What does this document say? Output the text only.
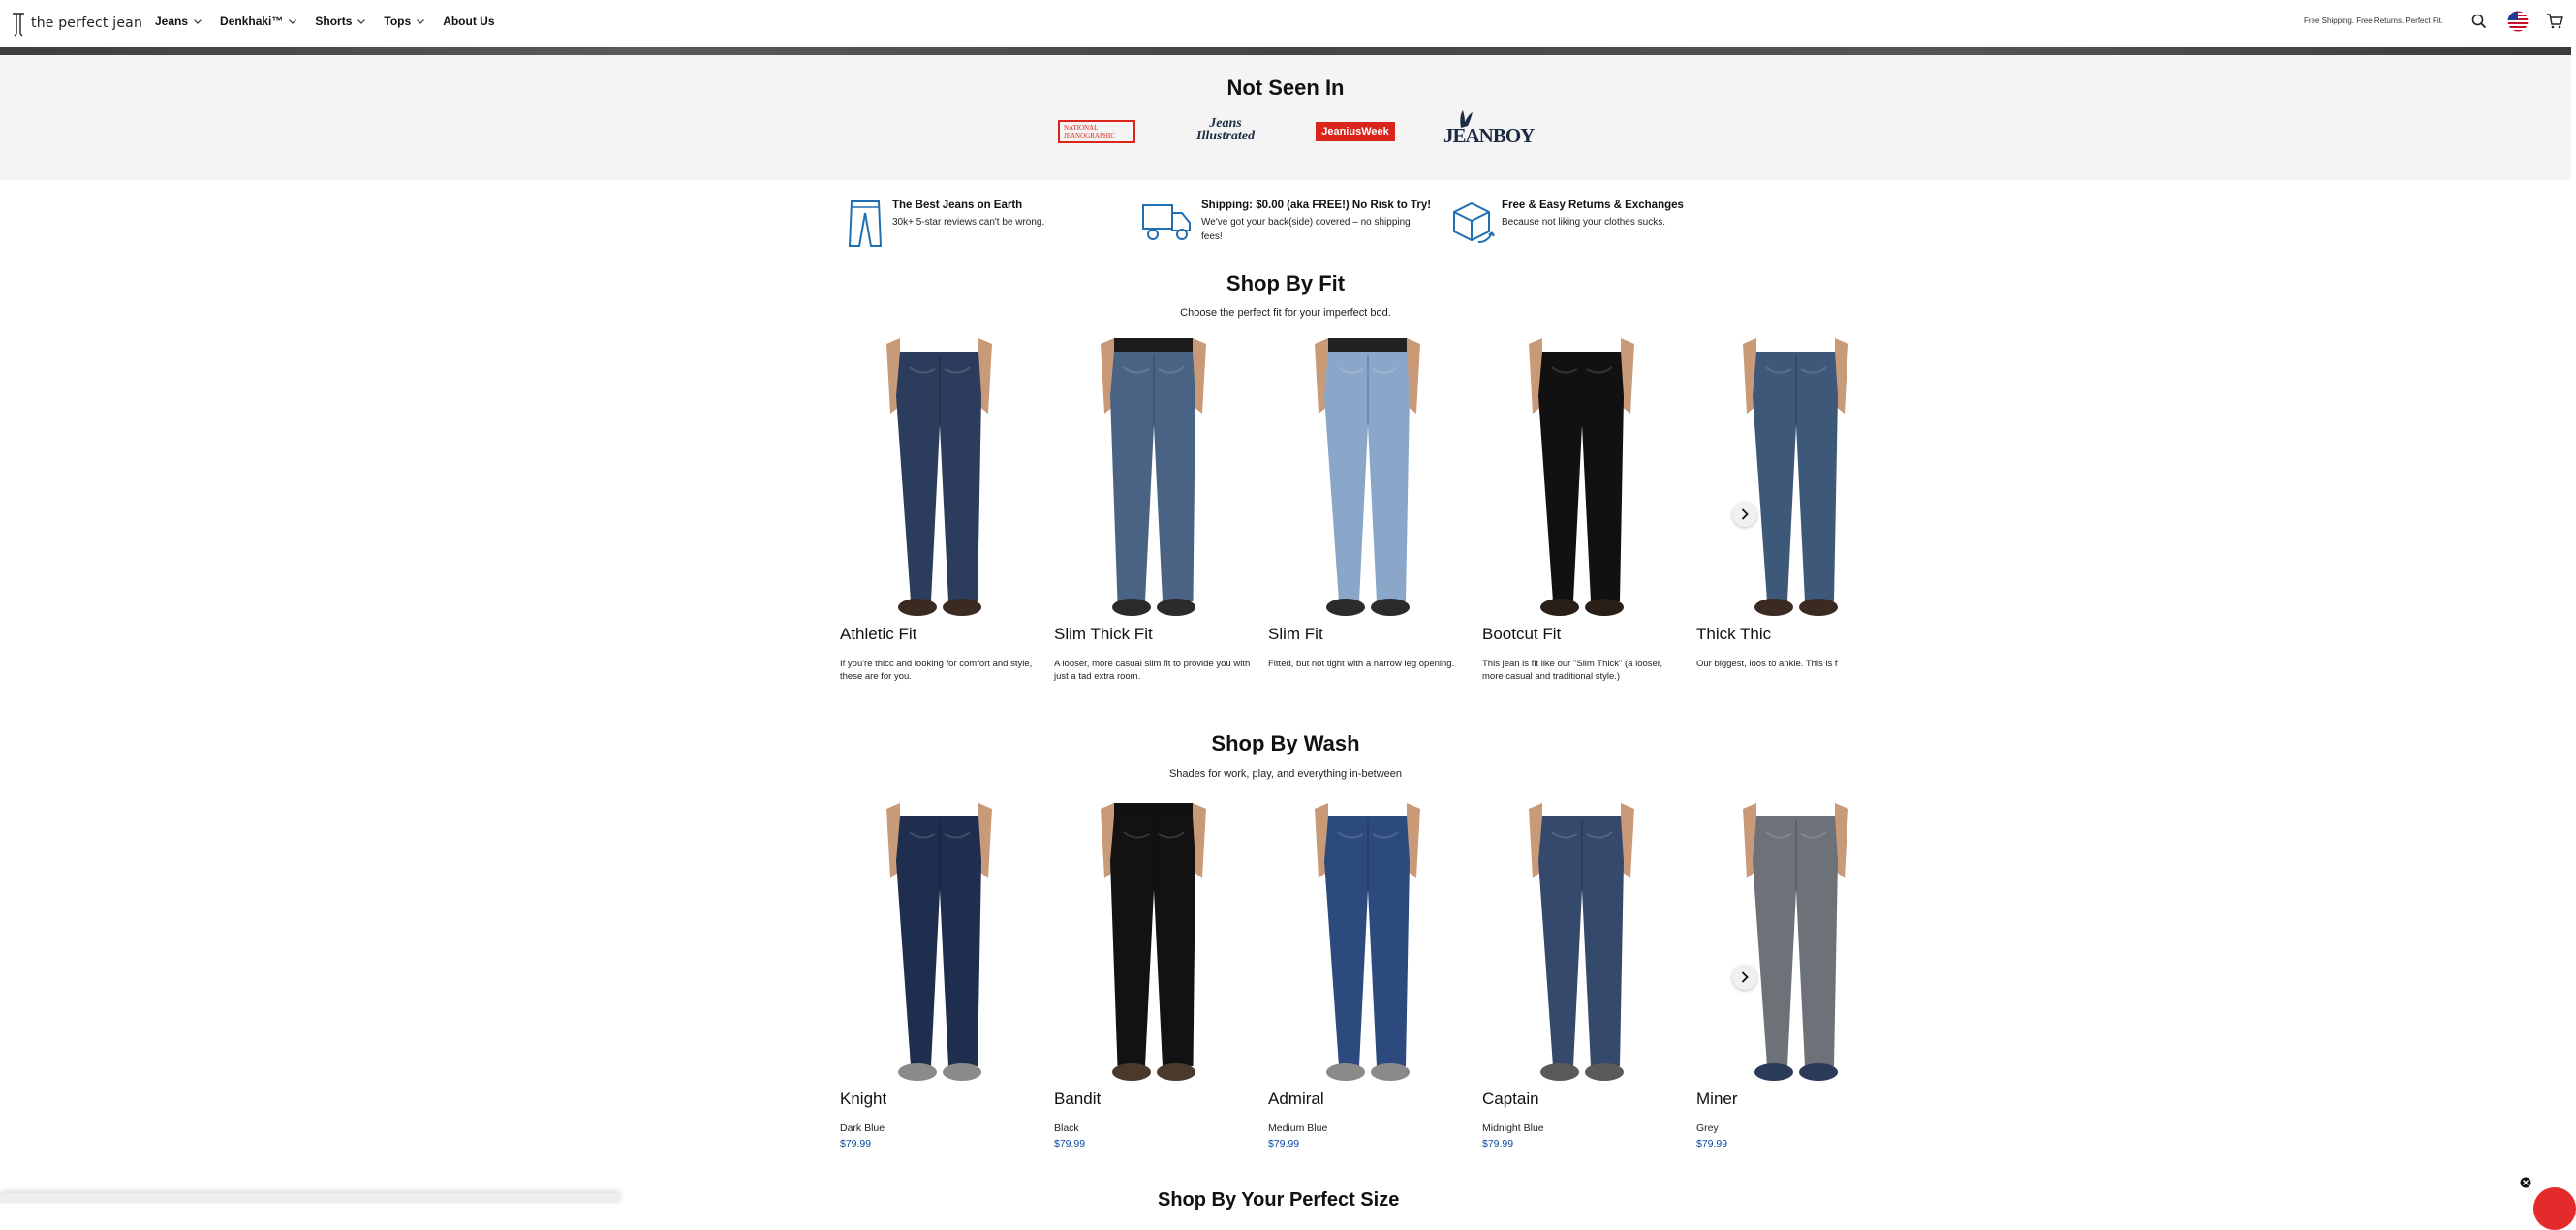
the perfect jean Jeans	Denkhaki™	Shorts	Tops	About Us	Free Shipping. Free Returns. Perfect Fit.
Not Seen In
NATIONAL
JEANOGRAPHIC
Jeans
Illustrated	JeaniusWeek	JEANBOY
The Best Jeans on Earth
30k+ 5-star reviews can't be wrong.
Shipping: $0.00 (aka FREE!) No Risk to Try!
We've got your back(side) covered – no shipping fees!
Free & Easy Returns & Exchanges
Because not liking your clothes sucks.
Shop By Fit
Choose the perfect fit for your imperfect bod.
Athletic Fit
If you're thicc and looking for comfort and style, these are for you.
Slim Thick Fit
A looser, more casual slim fit to provide you with just a tad extra room.
Slim Fit
Fitted, but not tight with a narrow leg opening.
Bootcut Fit
This jean is fit like our "Slim Thick" (a looser, more casual and traditional style.)
Thick Thic
Our biggest, loos to ankle. This is f
Shop By Wash
Shades for work, play, and everything in-between
Knight
Dark Blue
$79.99
Bandit
Black
$79.99
Admiral
Medium Blue
$79.99
Captain
Midnight Blue
$79.99
Miner
Grey
$79.99
Shop By Your Perfect Size
